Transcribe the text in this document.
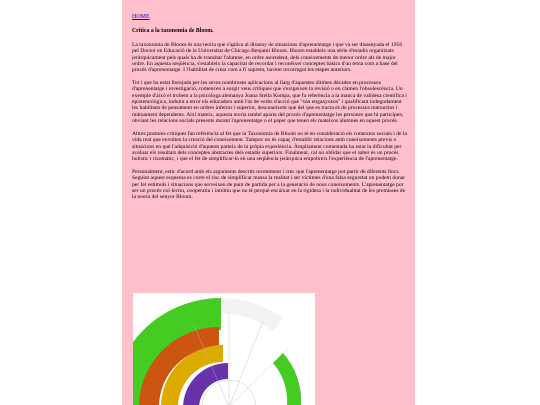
HOME
Crítica a la taxonomia de Bloom.

La taxonomia de Bloom és una teoria que s'aplica al disseny de situacions d'aprenentatge i que va ser dissenyada el 1956 pel Doctor en Educació de la Universitat de Chicago Benjamí Bloom. Bloom estableix una sèrie d'estadis organitzats jeràrquicament pels quals ha de transitar l'alumne, en ordre ascendent, dels coneixements de menor ordre als de major ordre. En aquesta seqüència, s'estableix la capacitat de recordar i reconèixer conceptes bàsics d'un tema com a base del procés d'aprenentatge. I l'habilitat de crear com a fi suprem, havent recorregut les etapes anteriors.

Tot i que ha estat llorejada per les seves nombroses aplicacions al llarg d'aquestes últimes dècades en processos d'aprenentatge i investigació, comencen a sorgir veus crítiques que s'exigeixen la revisió o en clamen l'obsolescència. Un exemple d'això el trobem a la psicòloga alemanya Joana Stella Kompa, que fa referència a la manca de validesa científica i epistemològica, induint a error els educadors amb l'ús de verbs d'acció que "són enganyosos" i qualificant indegudament les habilitats de pensament en ordres inferior i superior, desconeixent que del que es tracta és de processos interactius i mútuament dependents. Així mateix, aquesta teoria també aparta del procés d'aprenentatge les persones que hi participen, obviant les relacions socials presents durant l'aprenentatge o el paper que tenen els mateixos alumnes en aquest procés.

Altres postures crítiques fan referència al fet que la Taxonomia de Bloom no té en consideració els contextos socials i de la vida real que envolten la creació del coneixement. Tampoc no és capaç d'establir relacions amb coneixements previs o situacions en què l'adquisició d'aquests parteix de la pròpia experiència. Àmpliament comentada ha estat la dificultat per avaluar els resultats dels conceptes abstractes dels estadis superiors. Finalment, cal no oblidar que el saber és un procés holístic i rizomàtic, i que el fet de simplificar-lo en una seqüència jeràrquica empobreix l'experiència de l'aprenentatge.

Personalment, estic d'acord amb els arguments descrits recentment i crec que l'aprenentatge pot partir de diferents llocs. Seguint aquest esquema es corre el risc de simplificar massa la realitat i ser víctimes d'una falsa seguretat on podem donar per fet estímuls i situacions que serveixen de punt de partida per a la generació de nous coneixements. L'aprenentatge pot ser un procés col·lectiu, cooperatiu i intuïtiu que no té perquè encaixar en la rigidesa i la individualitat de les premisses de la teoria del senyor Bloom.
